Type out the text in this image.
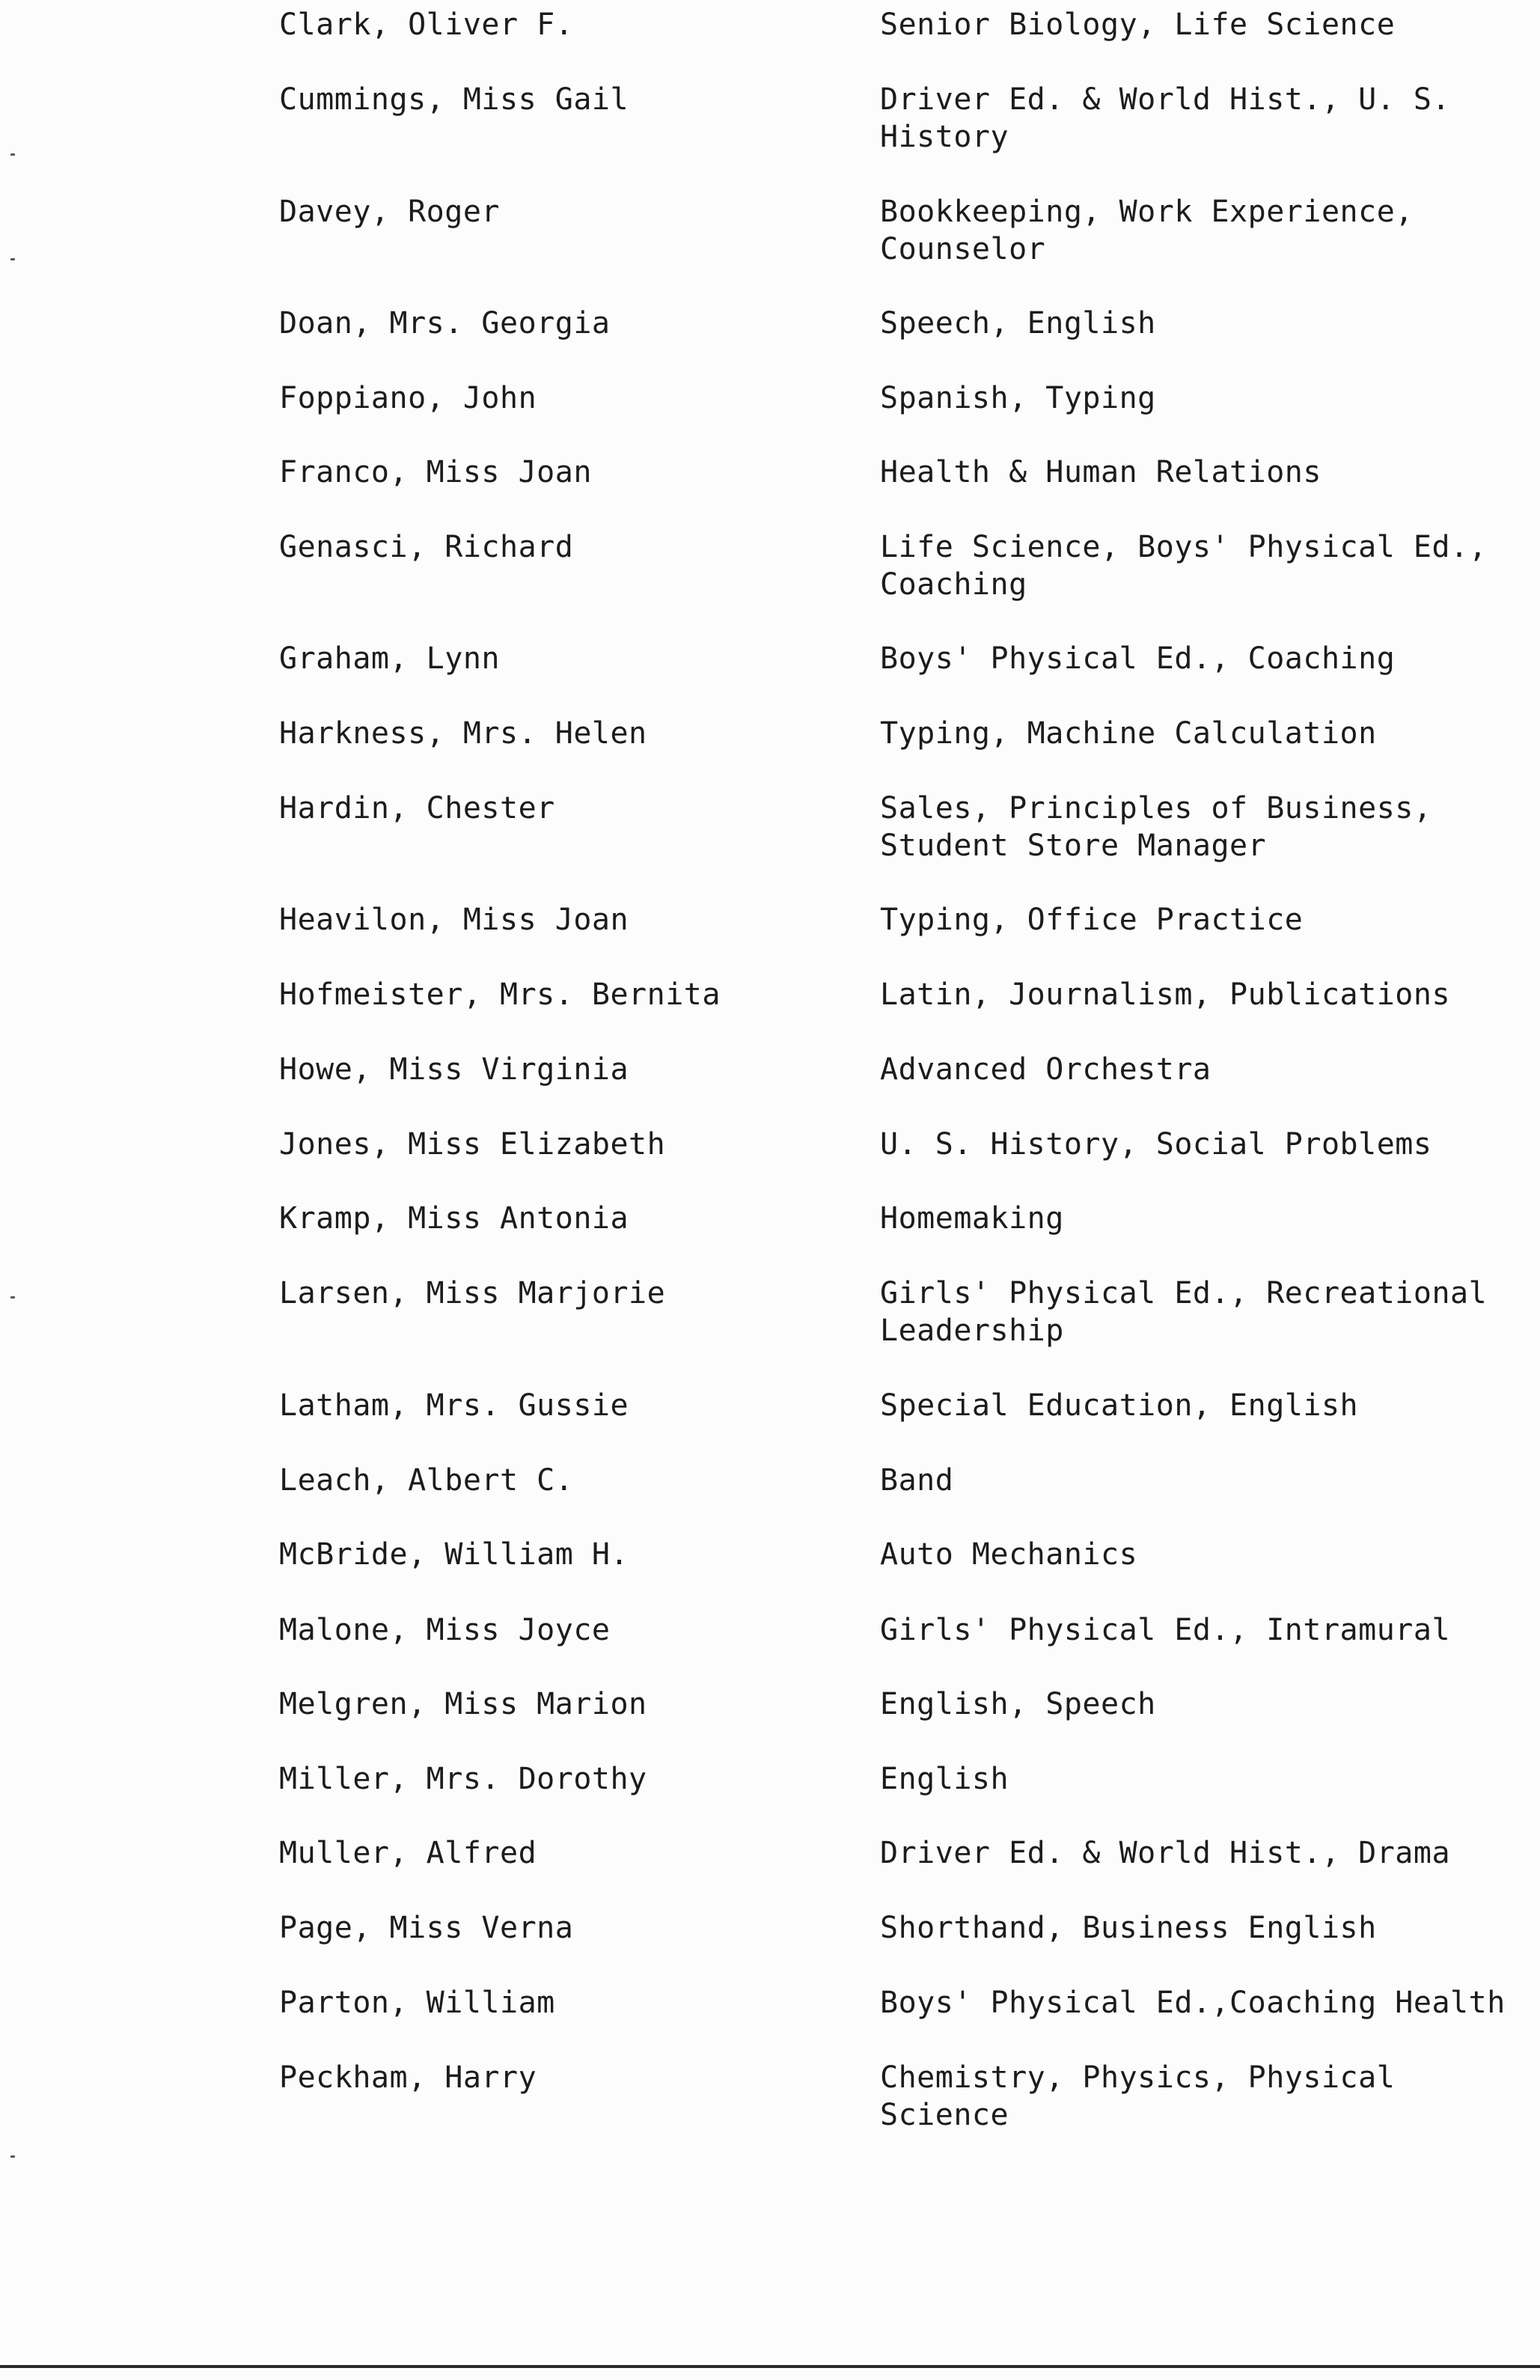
Clark, Oliver F.	Senior Biology, Life Science
Cummings, Miss Gail	Driver Ed. & World Hist., U. S.
History
Davey, Roger	Bookkeeping, Work Experience,
Counselor
Doan, Mrs. Georgia	Speech, English
Foppiano, John	Spanish, Typing
Franco, Miss Joan	Health & Human Relations
Genasci, Richard	Life Science, Boys' Physical Ed.,
Coaching
Graham, Lynn	Boys' Physical Ed., Coaching
Harkness, Mrs. Helen	Typing, Machine Calculation
Hardin, Chester	Sales, Principles of Business,
Student Store Manager
Heavilon, Miss Joan	Typing, Office Practice
Hofmeister, Mrs. Bernita	Latin, Journalism, Publications
Howe, Miss Virginia	Advanced Orchestra
Jones, Miss Elizabeth	U. S. History, Social Problems
Kramp, Miss Antonia	Homemaking
Larsen, Miss Marjorie	Girls' Physical Ed., Recreational
Leadership
Latham, Mrs. Gussie	Special Education, English
Leach, Albert C.	Band
McBride, William H.	Auto Mechanics
Malone, Miss Joyce	Girls' Physical Ed., Intramural
Melgren, Miss Marion	English, Speech
Miller, Mrs. Dorothy	English
Muller, Alfred	Driver Ed. & World Hist., Drama
Page, Miss Verna	Shorthand, Business English
Parton, William	Boys' Physical Ed.,Coaching Health
Peckham, Harry	Chemistry, Physics, Physical
Science
